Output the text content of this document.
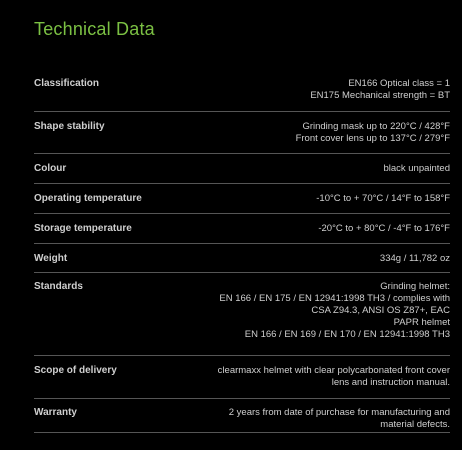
Technical Data
Classification	EN166 Optical class = 1
EN175 Mechanical strength = BT
Shape stability	Grinding mask up to 220°C / 428°F
Front cover lens up to 137°C / 279°F
Colour	black unpainted
Operating temperature	-10°C to + 70°C / 14°F to 158°F
Storage temperature	-20°C to + 80°C / -4°F to 176°F
Weight	334g / 11,782 oz
Standards	Grinding helmet:
EN 166 / EN 175 / EN 12941:1998 TH3 / complies with
CSA Z94.3, ANSI OS Z87+, EAC
PAPR helmet
EN 166 / EN 169 / EN 170 / EN 12941:1998 TH3
Scope of delivery	clearmaxx helmet with clear polycarbonated front cover
lens and instruction manual.
Warranty	2 years from date of purchase for manufacturing and
material defects.
